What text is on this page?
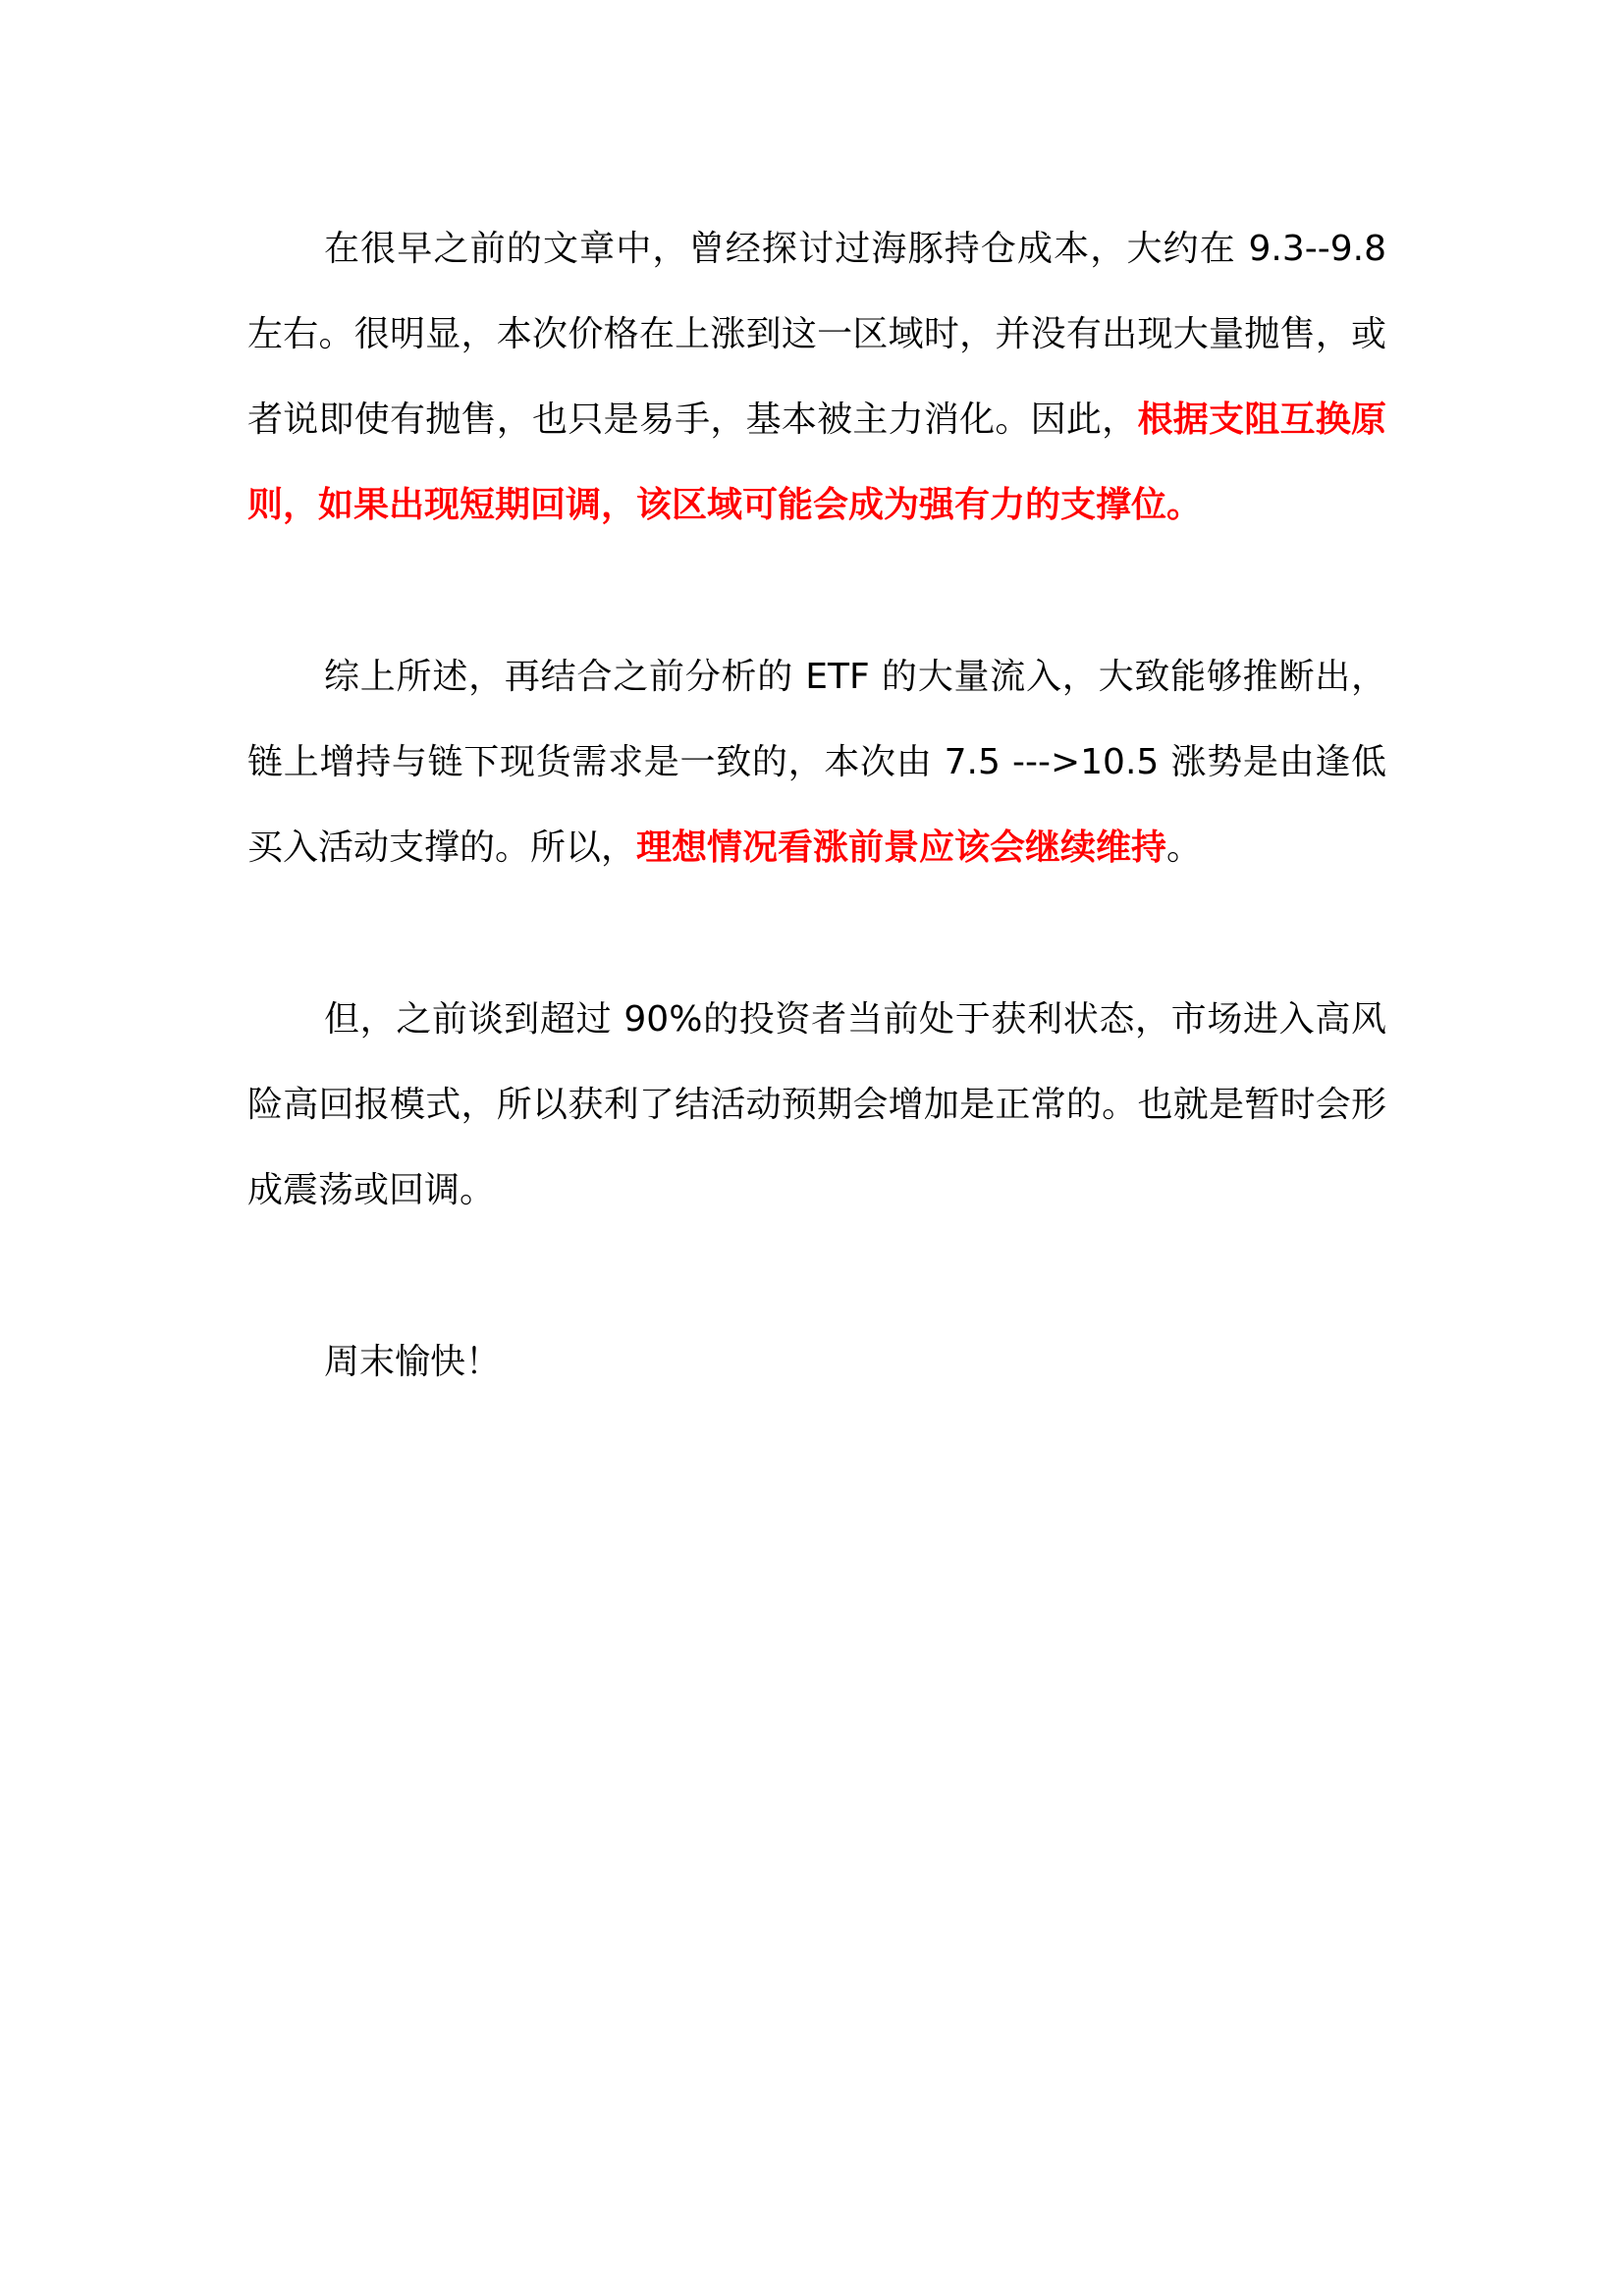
在很早之前的文章中，曾经探讨过海豚持仓成本，大约在 9.3--9.8 左右。很明显，本次价格在上涨到这一区域时，并没有出现大量抛售，或者说即使有抛售，也只是易手，基本被主力消化。因此，根据支阻互换原则，如果出现短期回调，该区域可能会成为强有力的支撑位。

综上所述，再结合之前分析的 ETF 的大量流入，大致能够推断出，链上增持与链下现货需求是一致的，本次由 7.5 --->10.5 涨势是由逢低买入活动支撑的。所以，理想情况看涨前景应该会继续维持。

但，之前谈到超过 90%的投资者当前处于获利状态，市场进入高风险高回报模式，所以获利了结活动预期会增加是正常的。也就是暂时会形成震荡或回调。

周末愉快！
